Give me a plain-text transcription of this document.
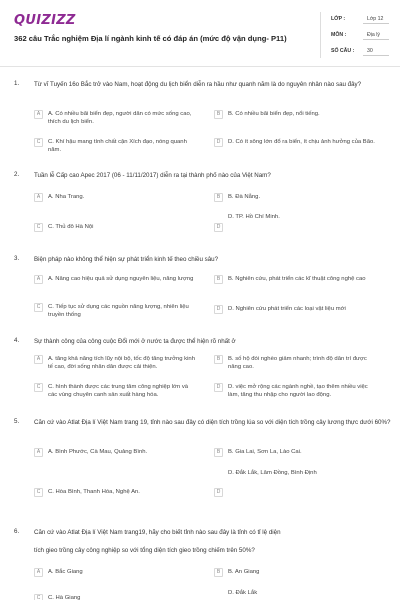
QUIZIZZ
362 câu Trắc nghiệm Địa lí ngành kinh tế có đáp án (mức độ vận dụng- P11)
LỚP :	Lớp 12
MÔN :	Địa lý
SỐ CÂU : 30
1. Từ vĩ Tuyến 16o Bắc trở vào Nam, hoạt động du lịch biển diễn ra hầu như quanh năm là do nguyên nhân nào sau đây?
A	A. Có nhiều bãi biển đẹp, người dân có mức sống cao, thích du lịch biển.
B	B. Có nhiều bãi biển đẹp, nổi tiếng.
C	C. Khí hậu mang tính chất cận Xích đạo, nóng quanh năm.
D	D. Có ít sông lớn đổ ra biển, ít chịu ảnh hưởng của Bão.
2. Tuần lễ Cấp cao Apec 2017 (06 - 11/11/2017) diễn ra tại thành phố nào của Việt Nam?
A	A. Nha Trang.	B	B. Đà Nẵng.
D. TP. Hồ Chí Minh.
C	C. Thủ đô Hà Nội	D
3. Biện pháp nào không thể hiện sự phát triển kinh tế theo chiều sâu?
A	A. Nâng cao hiệu quả sử dụng nguyên liệu, năng lượng	B	B. Nghiên cứu, phát triển các kĩ thuật công nghệ cao
C	C. Tiếp tục sử dụng các nguồn năng lượng, nhiên liệu truyền thống
D	D. Nghiên cứu phát triển các loại vật liệu mới
4. Sự thành công của công cuộc Đổi mới ở nước ta được thể hiện rõ nhất ở
A	A. tăng khả năng tích lũy nội bộ, tốc độ tăng trưởng kinh tế cao, đời sống nhân dân được cải thiện.
B	B. số hộ đói nghèo giảm nhanh; trình độ dân trí được nâng cao.
C	C. hình thành được các trung tâm công nghiệp lớn và các vùng chuyên canh sản xuất hàng hóa.
D	D. việc mở rộng các ngành nghề, tạo thêm nhiều việc làm, tăng thu nhập cho người lao động.
5. Căn cứ vào Atlat Địa lí Việt Nam trang 19, tỉnh nào sau đây có diện tích trồng lúa so với diện tích trồng cây lương thực dưới 60%?
A	A. Bình Phước, Cà Mau, Quảng Bình.	B	B. Gia Lai, Sơn La, Lào Cai.
D. Đắk Lắk, Lâm Đồng, Bình Định
C	C. Hòa Bình, Thanh Hóa, Nghệ An.	D
6. Căn cứ vào Atlat Địa lí Việt Nam trang19, hãy cho biết tỉnh nào sau đây là tỉnh có tỉ lệ diện
tích gieo trồng cây công nghiệp so với tổng diện tích gieo trồng chiếm trên 50%?
A	A. Bắc Giang	B	B. An Giang
D. Đắk Lắk
C	C. Hà Giang
